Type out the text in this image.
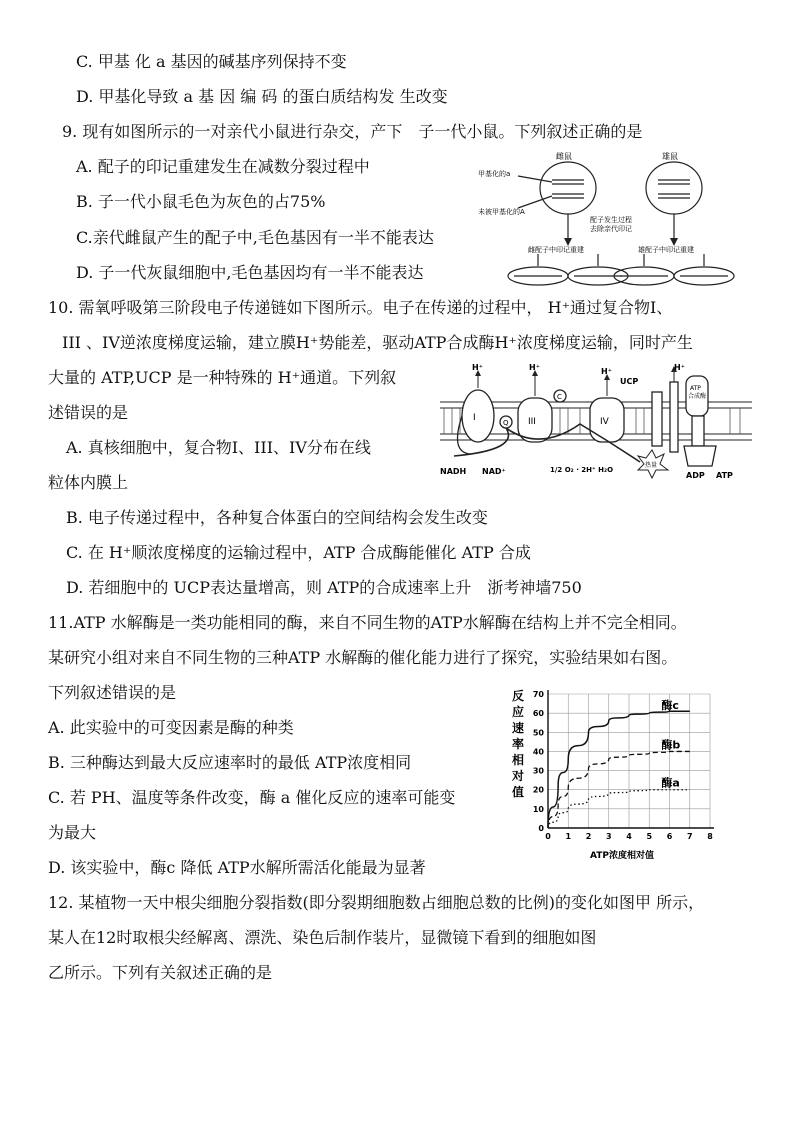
C. 甲基 化 a 基因的碱基序列保持不变
D. 甲基化导致 a 基 因 编 码 的蛋白质结构发 生改变
9. 现有如图所示的一对亲代小鼠进行杂交，产下　子一代小鼠。下列叙述正确的是
A. 配子的印记重建发生在减数分裂过程中
B. 子一代小鼠毛色为灰色的占75%
C.亲代雌鼠产生的配子中,毛色基因有一半不能表达
D. 子一代灰鼠细胞中,毛色基因均有一半不能表达
雌鼠	雄鼠
甲基化的a
未被甲基化的A
配子发生过程
去除亲代印记
雌配子中印记重建	雄配子中印记重建
10. 需氧呼吸第三阶段电子传递链如下图所示。电子在传递的过程中， H⁺通过复合物I、
III 、IV逆浓度梯度运输，建立膜H⁺势能差，驱动ATP合成酶H⁺浓度梯度运输，同时产生
大量的 ATP,UCP 是一种特殊的 H⁺通道。下列叙
述错误的是
A. 真核细胞中，复合物I、III、IV分布在线
粒体内膜上
B. 电子传递过程中，各种复合体蛋白的空间结构会发生改变
C. 在 H⁺顺浓度梯度的运输过程中，ATP 合成酶能催化 ATP 合成
D. 若细胞中的 UCP表达量增高，则 ATP的合成速率上升　浙考神墙750
H⁺	H⁺	H⁺	H⁺
I	III	IV
Q
C
UCP
ATP
合成酶
NADH NAD⁺	1/2 O₂ · 2H⁺ H₂O
热量
ADP ATP
11.ATP 水解酶是一类功能相同的酶，来自不同生物的ATP水解酶在结构上并不完全相同。
某研究小组对来自不同生物的三种ATP 水解酶的催化能力进行了探究，实验结果如右图。
下列叙述错误的是
A. 此实验中的可变因素是酶的种类
B. 三种酶达到最大反应速率时的最低 ATP浓度相同
C. 若 PH、温度等条件改变，酶 a 催化反应的速率可能变
为最大
D. 该实验中，酶c 降低 ATP水解所需活化能最为显著
0
10
20
30
40
50
60
70
0 1 2 3 4 5 6 7 8
反
应
速
率
相
对
值
酶c
酶b
酶a
ATP浓度相对值
12. 某植物一天中根尖细胞分裂指数(即分裂期细胞数占细胞总数的比例)的变化如图甲 所示，
某人在12时取根尖经解离、漂洗、染色后制作装片，显微镜下看到的细胞如图
乙所示。下列有关叙述正确的是
